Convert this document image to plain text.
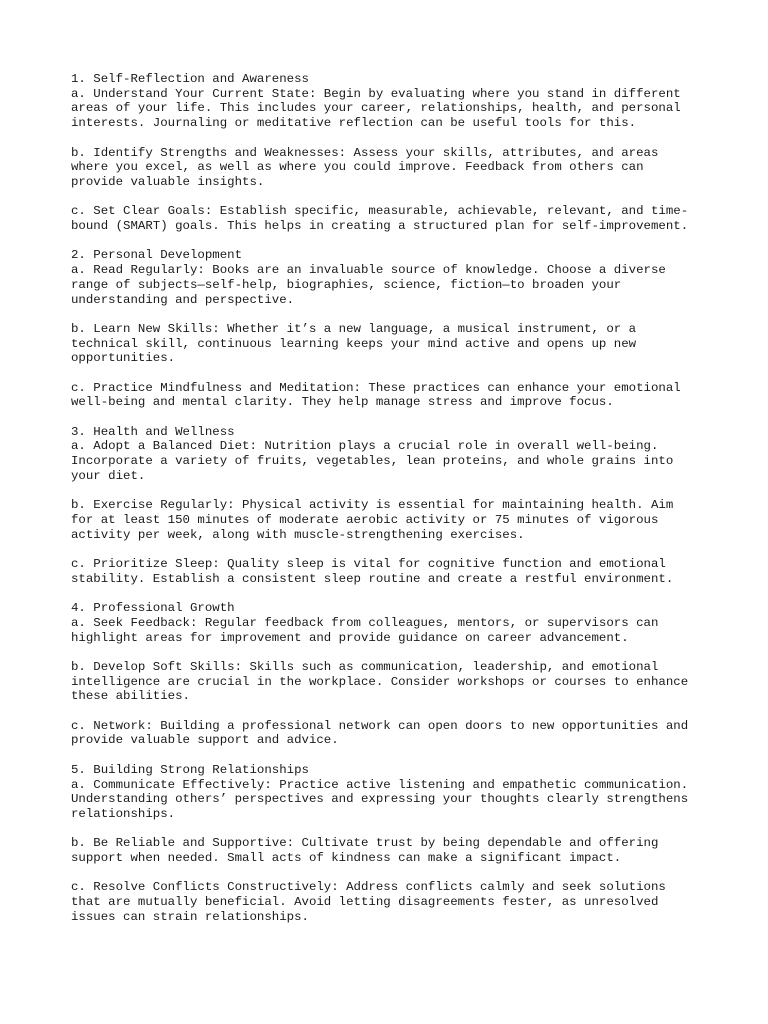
1. Self-Reflection and Awareness
a. Understand Your Current State: Begin by evaluating where you stand in different
areas of your life. This includes your career, relationships, health, and personal
interests. Journaling or meditative reflection can be useful tools for this.
b. Identify Strengths and Weaknesses: Assess your skills, attributes, and areas
where you excel, as well as where you could improve. Feedback from others can
provide valuable insights.
c. Set Clear Goals: Establish specific, measurable, achievable, relevant, and time-
bound (SMART) goals. This helps in creating a structured plan for self-improvement.
2. Personal Development
a. Read Regularly: Books are an invaluable source of knowledge. Choose a diverse
range of subjects—self-help, biographies, science, fiction—to broaden your
understanding and perspective.
b. Learn New Skills: Whether it’s a new language, a musical instrument, or a
technical skill, continuous learning keeps your mind active and opens up new
opportunities.
c. Practice Mindfulness and Meditation: These practices can enhance your emotional
well-being and mental clarity. They help manage stress and improve focus.
3. Health and Wellness
a. Adopt a Balanced Diet: Nutrition plays a crucial role in overall well-being.
Incorporate a variety of fruits, vegetables, lean proteins, and whole grains into
your diet.
b. Exercise Regularly: Physical activity is essential for maintaining health. Aim
for at least 150 minutes of moderate aerobic activity or 75 minutes of vigorous
activity per week, along with muscle-strengthening exercises.
c. Prioritize Sleep: Quality sleep is vital for cognitive function and emotional
stability. Establish a consistent sleep routine and create a restful environment.
4. Professional Growth
a. Seek Feedback: Regular feedback from colleagues, mentors, or supervisors can
highlight areas for improvement and provide guidance on career advancement.
b. Develop Soft Skills: Skills such as communication, leadership, and emotional
intelligence are crucial in the workplace. Consider workshops or courses to enhance
these abilities.
c. Network: Building a professional network can open doors to new opportunities and
provide valuable support and advice.
5. Building Strong Relationships
a. Communicate Effectively: Practice active listening and empathetic communication.
Understanding others’ perspectives and expressing your thoughts clearly strengthens
relationships.
b. Be Reliable and Supportive: Cultivate trust by being dependable and offering
support when needed. Small acts of kindness can make a significant impact.
c. Resolve Conflicts Constructively: Address conflicts calmly and seek solutions
that are mutually beneficial. Avoid letting disagreements fester, as unresolved
issues can strain relationships.
